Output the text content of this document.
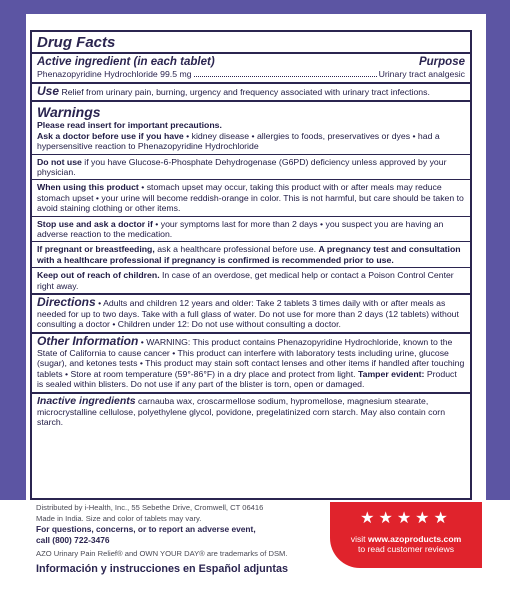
Drug Facts
Active ingredient (in each tablet)	Purpose
Phenazopyridine Hydrochloride 99.5 mg	Urinary tract analgesic
Use Relief from urinary pain, burning, urgency and frequency associated with urinary tract infections.
Warnings
Please read insert for important precautions.
Ask a doctor before use if you have • kidney disease • allergies to foods, preservatives or dyes • had a hypersensitive reaction to Phenazopyridine Hydrochloride
Do not use if you have Glucose-6-Phosphate Dehydrogenase (G6PD) deficiency unless approved by your physician.
When using this product • stomach upset may occur, taking this product with or after meals may reduce stomach upset • your urine will become reddish-orange in color. This is not harmful, but care should be taken to avoid staining clothing or other items.
Stop use and ask a doctor if • your symptoms last for more than 2 days • you suspect you are having an adverse reaction to the medication.
If pregnant or breastfeeding, ask a healthcare professional before use. A pregnancy test and consultation with a healthcare professional if pregnancy is confirmed is recommended prior to use.
Keep out of reach of children. In case of an overdose, get medical help or contact a Poison Control Center right away.
Directions • Adults and children 12 years and older: Take 2 tablets 3 times daily with or after meals as needed for up to two days. Take with a full glass of water. Do not use for more than 2 days (12 tablets) without consulting a doctor • Children under 12: Do not use without consulting a doctor.
Other Information • WARNING: This product contains Phenazopyridine Hydrochloride, known to the State of California to cause cancer • This product can interfere with laboratory tests including urine, glucose (sugar), and ketones tests • This product may stain soft contact lenses and other items if handled after touching tablets • Store at room temperature (59°-86°F) in a dry place and protect from light. Tamper evident: Product is sealed within blisters. Do not use if any part of the blister is torn, open or damaged.
Inactive ingredients carnauba wax, croscarmellose sodium, hypromellose, magnesium stearate, microcrystalline cellulose, polyethylene glycol, povidone, pregelatinized corn starch. May also contain corn starch.
Distributed by i-Health, Inc., 55 Sebethe Drive, Cromwell, CT 06416
Made in India. Size and color of tablets may vary.
For questions, concerns, or to report an adverse event,
call (800) 722-3476
AZO Urinary Pain Relief® and OWN YOUR DAY® are trademarks of DSM.
Información y instrucciones en Español adjuntas
★★★★★
visit www.azoproducts.com
to read customer reviews
